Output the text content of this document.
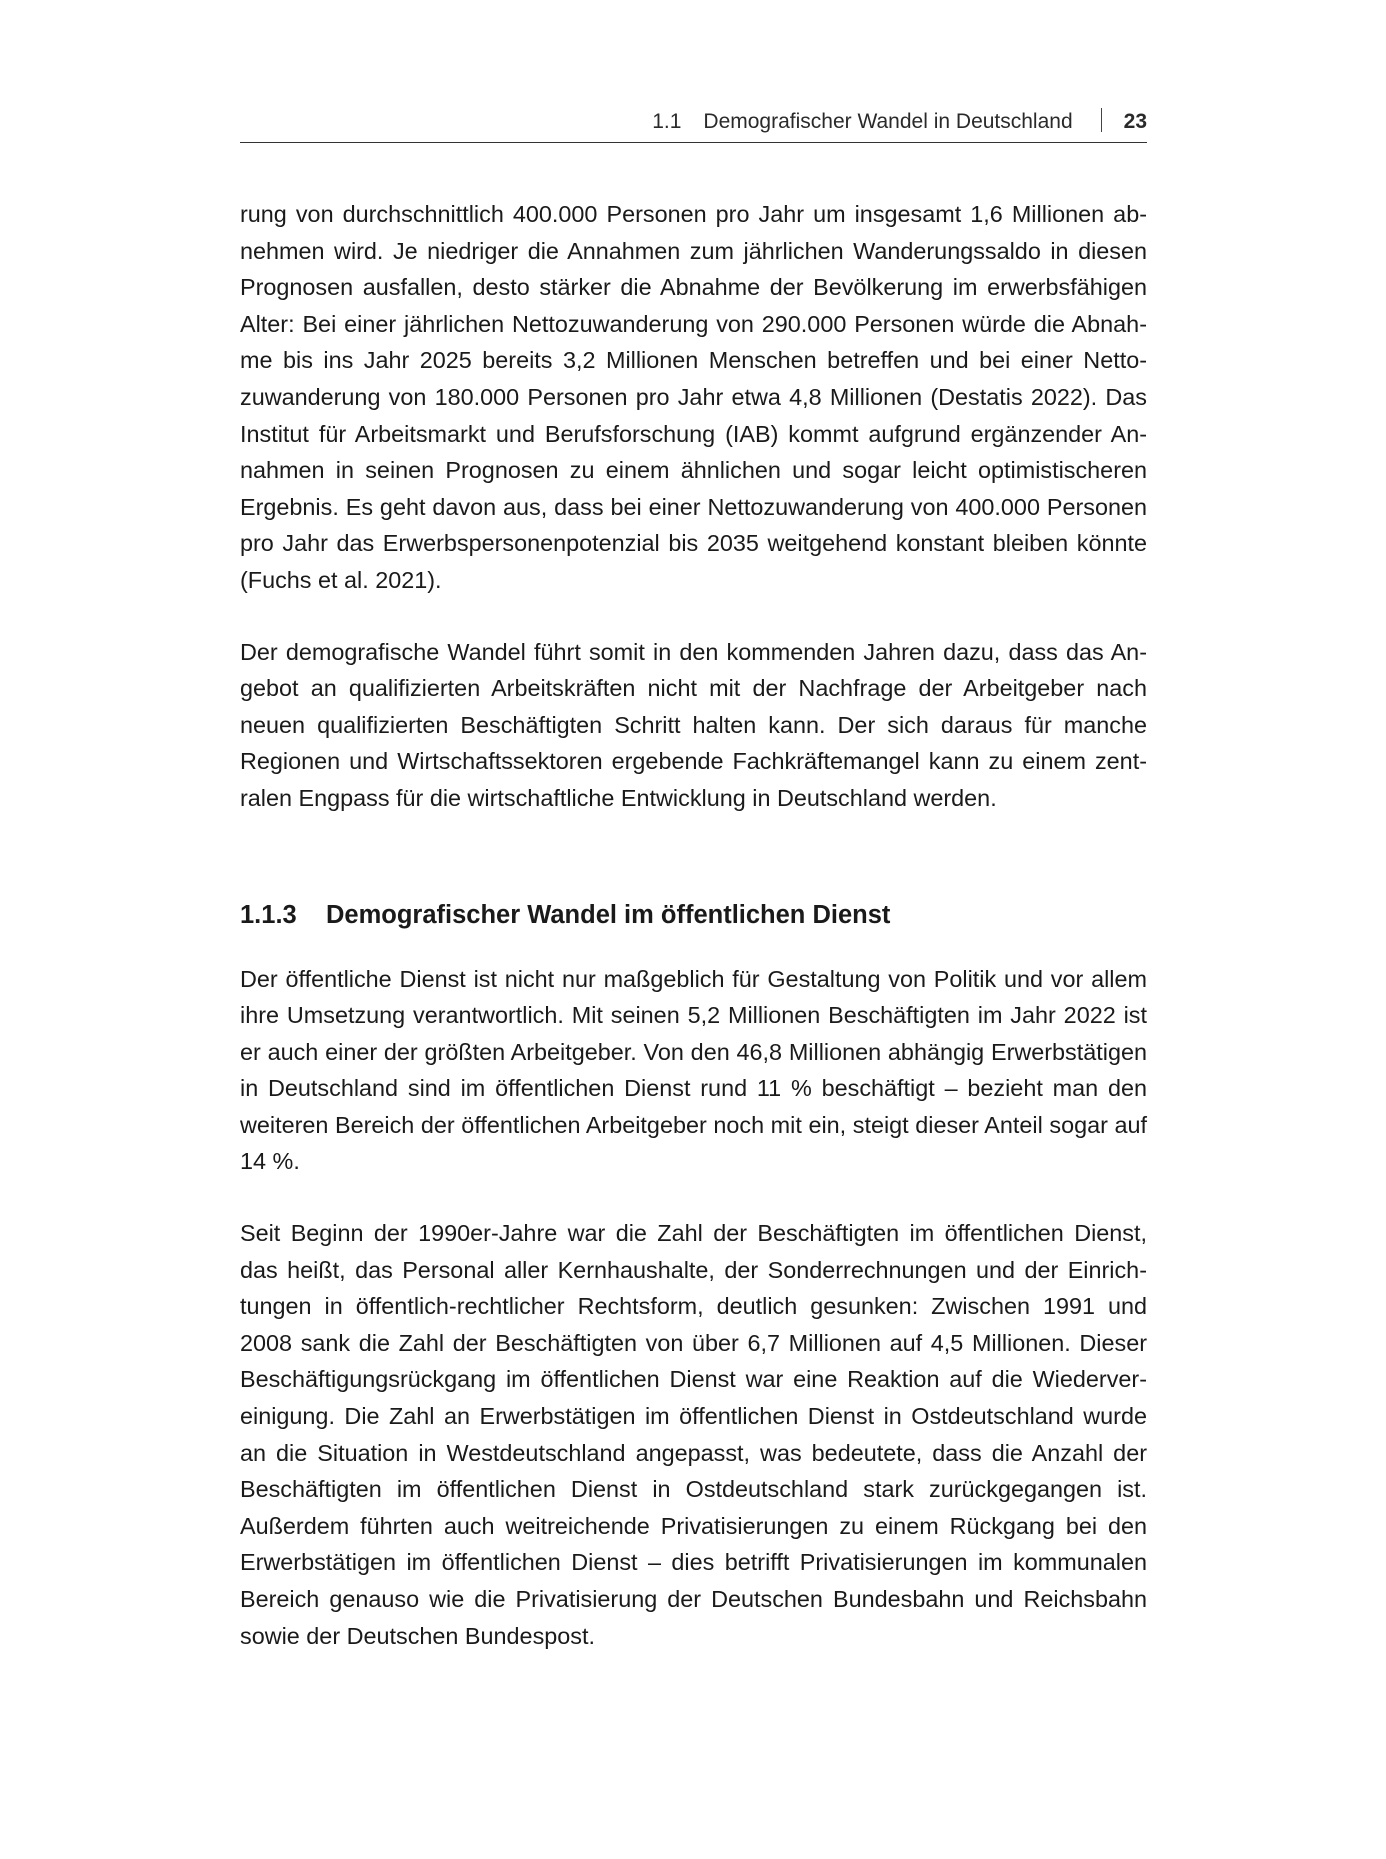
1.1 Demografischer Wandel in Deutschland 23

rung von durchschnittlich 400.000 Personen pro Jahr um insgesamt 1,6 Millionen abnehmen wird. Je niedriger die Annahmen zum jährlichen Wanderungssaldo in diesen Prognosen ausfallen, desto stärker die Abnahme der Bevölkerung im erwerbsfähigen Alter: Bei einer jährlichen Nettozuwanderung von 290.000 Personen würde die Abnahme bis ins Jahr 2025 bereits 3,2 Millionen Menschen betreffen und bei einer Nettozuwanderung von 180.000 Personen pro Jahr etwa 4,8 Millionen (Destatis 2022). Das Institut für Arbeitsmarkt und Berufsforschung (IAB) kommt aufgrund ergänzender Annahmen in seinen Prognosen zu einem ähnlichen und sogar leicht optimistischeren Ergebnis. Es geht davon aus, dass bei einer Nettozuwanderung von 400.000 Personen pro Jahr das Erwerbspersonenpotenzial bis 2035 weitgehend konstant bleiben könnte (Fuchs et al. 2021).

Der demografische Wandel führt somit in den kommenden Jahren dazu, dass das Angebot an qualifizierten Arbeitskräften nicht mit der Nachfrage der Arbeitgeber nach neuen qualifizierten Beschäftigten Schritt halten kann. Der sich daraus für manche Regionen und Wirtschaftssektoren ergebende Fachkräftemangel kann zu einem zentralen Engpass für die wirtschaftliche Entwicklung in Deutschland werden.

1.1.3 Demografischer Wandel im öffentlichen Dienst

Der öffentliche Dienst ist nicht nur maßgeblich für Gestaltung von Politik und vor allem ihre Umsetzung verantwortlich. Mit seinen 5,2 Millionen Beschäftigten im Jahr 2022 ist er auch einer der größten Arbeitgeber. Von den 46,8 Millionen abhängig Erwerbstätigen in Deutschland sind im öffentlichen Dienst rund 11 % beschäftigt – bezieht man den weiteren Bereich der öffentlichen Arbeitgeber noch mit ein, steigt dieser Anteil sogar auf 14 %.

Seit Beginn der 1990er-Jahre war die Zahl der Beschäftigten im öffentlichen Dienst, das heißt, das Personal aller Kernhaushalte, der Sonderrechnungen und der Einrichtungen in öffentlich-rechtlicher Rechtsform, deutlich gesunken: Zwischen 1991 und 2008 sank die Zahl der Beschäftigten von über 6,7 Millionen auf 4,5 Millionen. Dieser Beschäftigungsrückgang im öffentlichen Dienst war eine Reaktion auf die Wiedervereinigung. Die Zahl an Erwerbstätigen im öffentlichen Dienst in Ostdeutschland wurde an die Situation in Westdeutschland angepasst, was bedeutete, dass die Anzahl der Beschäftigten im öffentlichen Dienst in Ostdeutschland stark zurückgegangen ist. Außerdem führten auch weitreichende Privatisierungen zu einem Rückgang bei den Erwerbstätigen im öffentlichen Dienst – dies betrifft Privatisierungen im kommunalen Bereich genauso wie die Privatisierung der Deutschen Bundesbahn und Reichsbahn sowie der Deutschen Bundespost.
